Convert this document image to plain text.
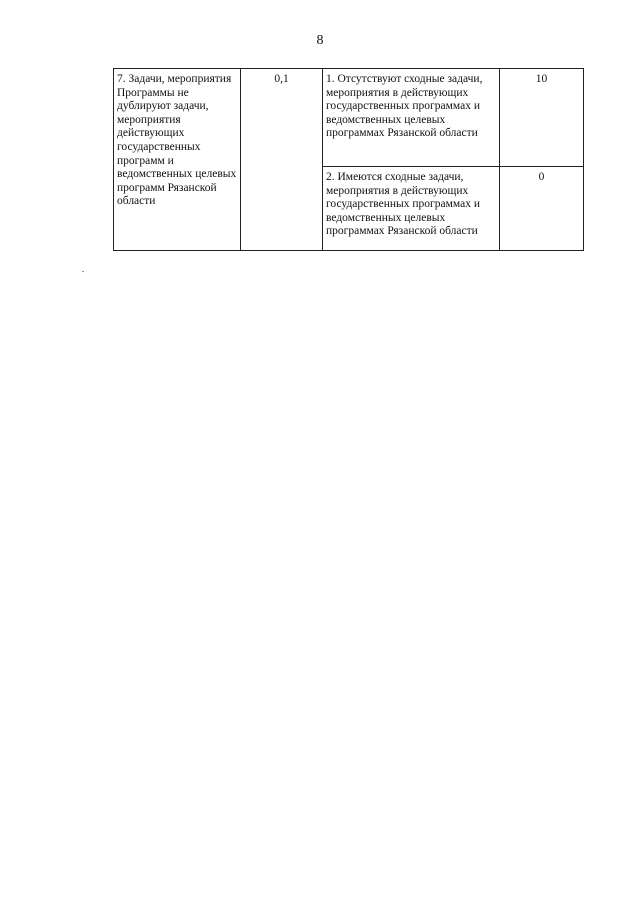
8
7. Задачи, мероприятия Программы не дублируют задачи, мероприятия действующих государственных программ и ведомственных целевых программ Рязанской области	0,1	1. Отсутствуют сходные задачи, мероприятия в действующих государственных программах и ведомственных целевых программах Рязанской области	10
		2. Имеются сходные задачи, мероприятия в действующих государственных программах и ведомственных целевых программах Рязанской области	0
